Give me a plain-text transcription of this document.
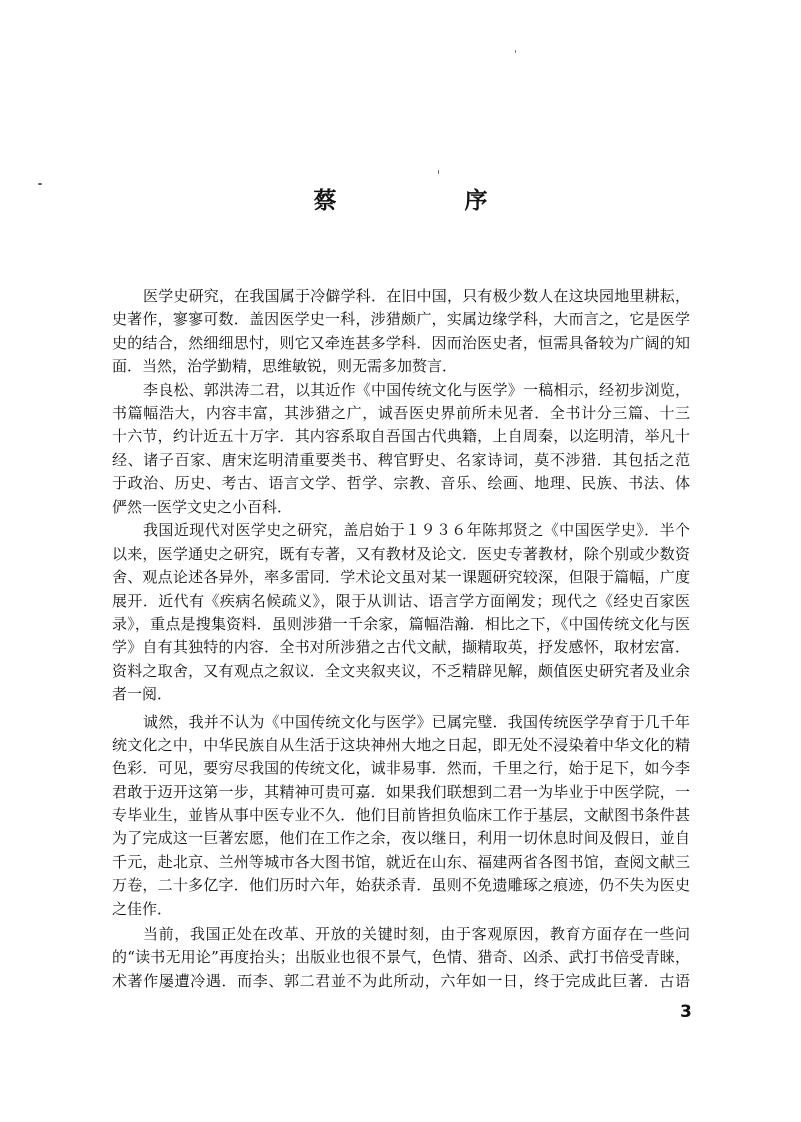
蔡 序
医学史研究，在我国属于冷僻学科．在旧中国，只有极少数人在这块园地里耕耘，
史著作，寥寥可数．盖因医学史一科，涉猎颇广，实属边缘学科，大而言之，它是医学
史的结合，然细细思忖，则它又牵连甚多学科．因而治医史者，恒需具备较为广阔的知
面．当然，治学勤精，思维敏锐，则无需多加赘言．
李良松、郭洪涛二君，以其近作《中国传统文化与医学》一稿相示，经初步浏览，
书篇幅浩大，内容丰富，其涉猎之广，诚吾医史界前所未见者．全书计分三篇、十三
十六节，约计近五十万字．其内容系取自吾国古代典籍，上自周秦，以迄明清，举凡十
经、诸子百家、唐宋迄明清重要类书、稗官野史、名家诗词，莫不涉猎．其包括之范
于政治、历史、考古、语言文学、哲学、宗教、音乐、绘画、地理、民族、书法、体
俨然一医学文史之小百科．
我国近现代对医学史之研究，盖启始于１９３６年陈邦贤之《中国医学史》．半个
以来，医学通史之研究，既有专著，又有教材及论文．医史专著教材，除个别或少数资
舍、观点论述各异外，率多雷同．学术论文虽对某一课题研究较深，但限于篇幅，广度
展开．近代有《疾病名候疏义》，限于从训诂、语言学方面阐发；现代之《经史百家医
录》，重点是搜集资料．虽则涉猎一千余家，篇幅浩瀚．相比之下，《中国传统文化与医
学》自有其独特的内容．全书对所涉猎之古代文献，撷精取英，抒发感怀，取材宏富．
资料之取舍，又有观点之叙议．全文夹叙夹议，不乏精辟见解，颇值医史研究者及业余
者一阅．
诚然，我并不认为《中国传统文化与医学》已属完璧．我国传统医学孕育于几千年
统文化之中，中华民族自从生活于这块神州大地之日起，即无处不浸染着中华文化的精
色彩．可见，要穷尽我国的传统文化，诚非易事．然而，千里之行，始于足下，如今李
君敢于迈开这第一步，其精神可贵可嘉．如果我们联想到二君一为毕业于中医学院，一
专毕业生，並皆从事中医专业不久．他们目前皆担负临床工作于基层，文献图书条件甚
为了完成这一巨著宏愿，他们在工作之余，夜以继日，利用一切休息时间及假日，並自
千元，赴北京、兰州等城市各大图书馆，就近在山东、福建两省各图书馆，查阅文献三
万卷，二十多亿字．他们历时六年，始获杀青．虽则不免遗雕琢之痕迹，仍不失为医史
之佳作．
当前，我国正处在改革、开放的关键时刻，由于客观原因，教育方面存在一些问
的“读书无用论”再度抬头；出版业也很不景气，色情、猎奇、凶杀、武打书倍受青睐，
术著作屡遭冷遇．而李、郭二君並不为此所动，六年如一日，终于完成此巨著．古语
3
